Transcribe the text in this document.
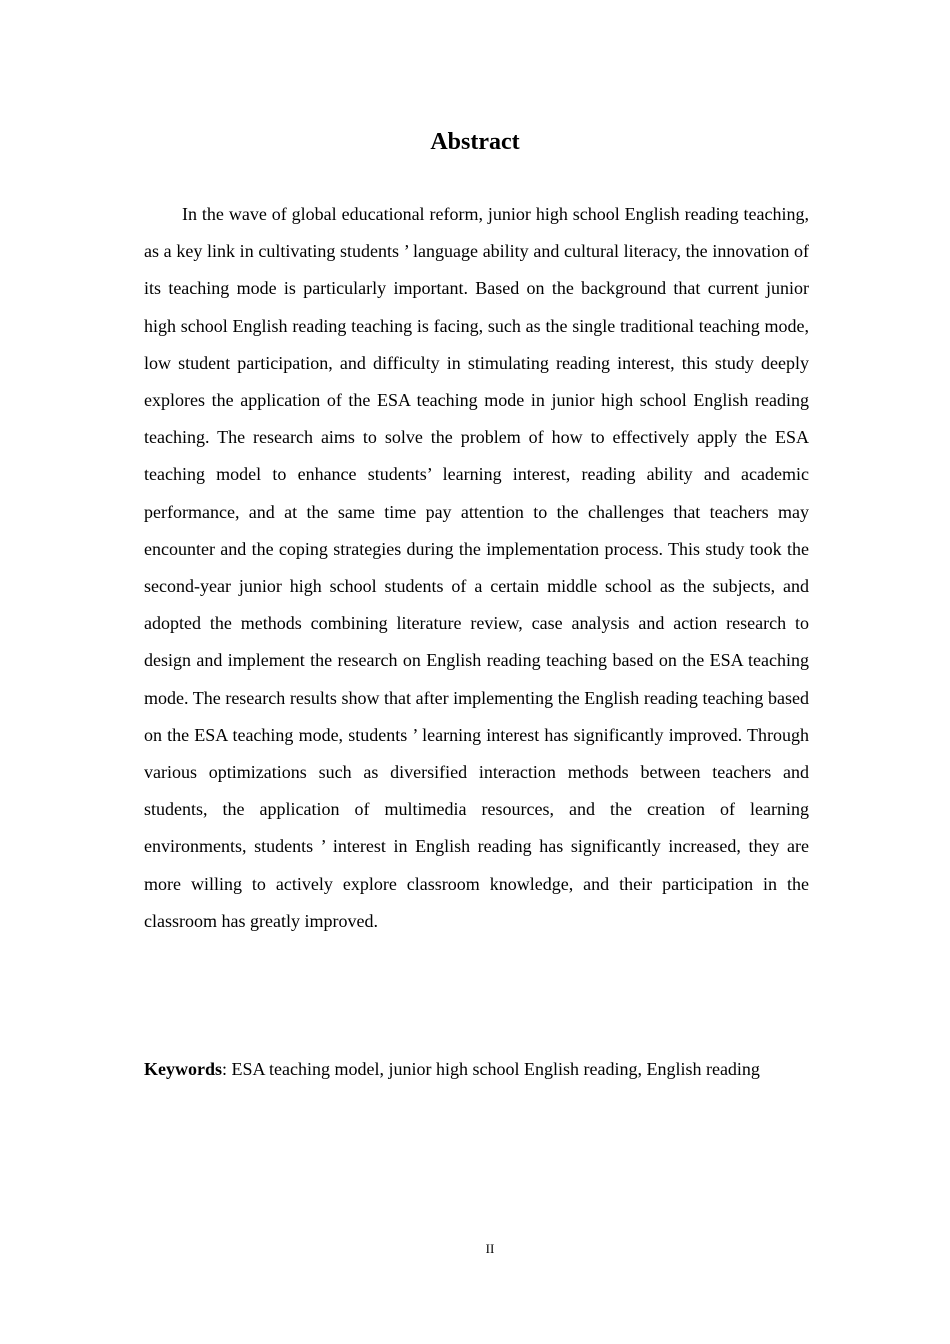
Abstract

In the wave of global educational reform, junior high school English reading teaching, as a key link in cultivating students ’ language ability and cultural literacy, the innovation of its teaching mode is particularly important. Based on the background that current junior high school English reading teaching is facing, such as the single traditional teaching mode, low student participation, and difficulty in stimulating reading interest, this study deeply explores the application of the ESA teaching mode in junior high school English reading teaching. The research aims to solve the problem of how to effectively apply the ESA teaching model to enhance students’ learning interest, reading ability and academic performance, and at the same time pay attention to the challenges that teachers may encounter and the coping strategies during the implementation process. This study took the second-year junior high school students of a certain middle school as the subjects, and adopted the methods combining literature review, case analysis and action research to design and implement the research on English reading teaching based on the ESA teaching mode. The research results show that after implementing the English reading teaching based on the ESA teaching mode, students ’ learning interest has significantly improved. Through various optimizations such as diversified interaction methods between teachers and students, the application of multimedia resources, and the creation of learning environments, students ’ interest in English reading has significantly increased, they are more willing to actively explore classroom knowledge, and their participation in the classroom has greatly improved.

Keywords: ESA teaching model, junior high school English reading, English reading

II
